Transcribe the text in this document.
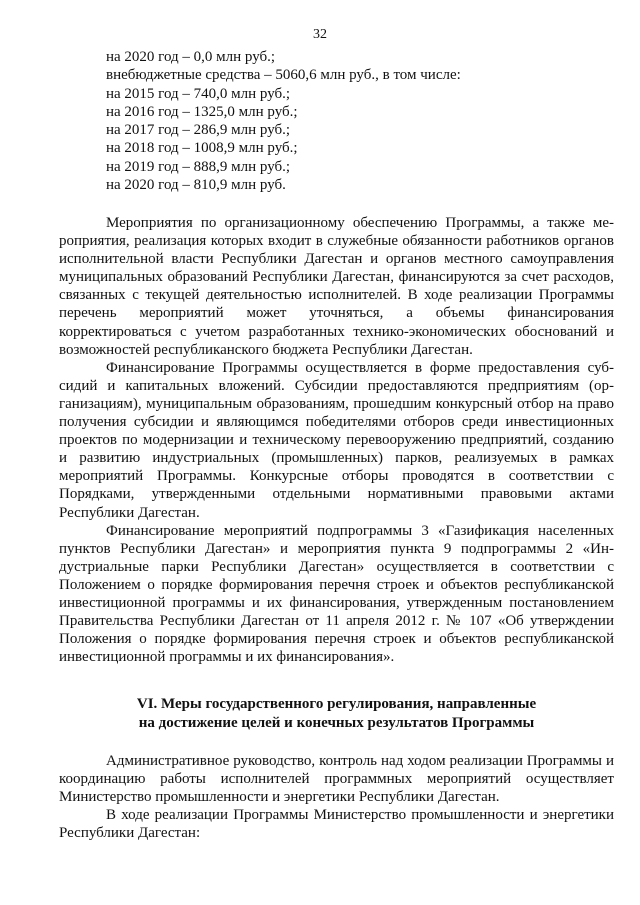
32
на 2020 год – 0,0 млн руб.;
внебюджетные средства – 5060,6 млн руб., в том числе:
на 2015 год – 740,0 млн руб.;
на 2016 год – 1325,0 млн руб.;
на 2017 год – 286,9 млн руб.;
на 2018 год – 1008,9 млн руб.;
на 2019 год – 888,9 млн руб.;
на 2020 год – 810,9 млн руб.

Мероприятия по организационному обеспечению Программы, а также мероприятия, реализация которых входит в служебные обязанности работников органов исполнительной власти Республики Дагестан и органов местного самоуправления муниципальных образований Республики Дагестан, финансируются за счет расходов, связанных с текущей деятельностью исполнителей. В ходе реализации Программы перечень мероприятий может уточняться, а объемы финансирования корректироваться с учетом разработанных технико-экономических обоснований и возможностей республиканского бюджета Республики Дагестан.

Финансирование Программы осуществляется в форме предоставления субсидий и капитальных вложений. Субсидии предоставляются предприятиям (организациям), муниципальным образованиям, прошедшим конкурсный отбор на право получения субсидии и являющимся победителями отборов среди инвестиционных проектов по модернизации и техническому перевооружению предприятий, созданию и развитию индустриальных (промышленных) парков, реализуемых в рамках мероприятий Программы. Конкурсные отборы проводятся в соответствии с Порядками, утвержденными отдельными нормативными правовыми актами Республики Дагестан.

Финансирование мероприятий подпрограммы 3 «Газификация населенных пунктов Республики Дагестан» и мероприятия пункта 9 подпрограммы 2 «Индустриальные парки Республики Дагестан» осуществляется в соответствии с Положением о порядке формирования перечня строек и объектов республиканской инвестиционной программы и их финансирования, утвержденным постановлением Правительства Республики Дагестан от 11 апреля 2012 г. № 107 «Об утверждении Положения о порядке формирования перечня строек и объектов республиканской инвестиционной программы и их финансирования».

VI. Меры государственного регулирования, направленные
на достижение целей и конечных результатов Программы

Административное руководство, контроль над ходом реализации Программы и координацию работы исполнителей программных мероприятий осуществляет Министерство промышленности и энергетики Республики Дагестан.

В ходе реализации Программы Министерство промышленности и энергетики Республики Дагестан:
